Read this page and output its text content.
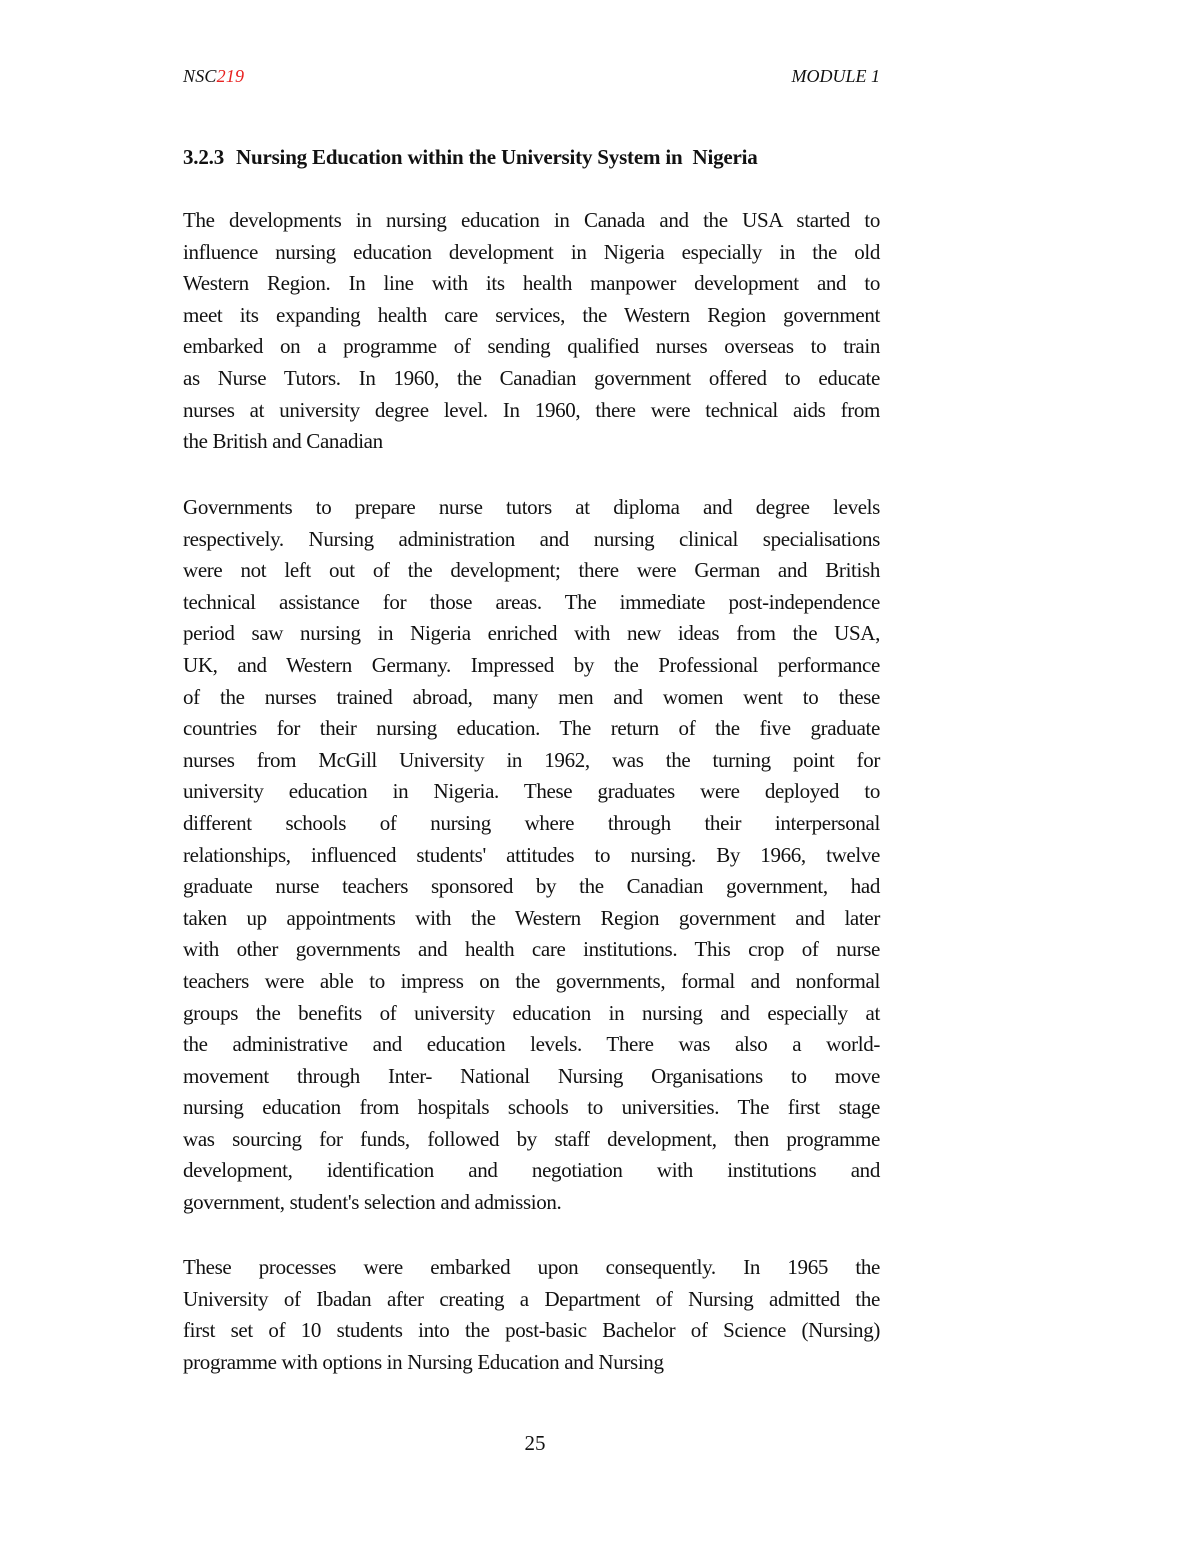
NSC219	MODULE 1
3.2.3 Nursing Education within the University System in  Nigeria
The developments in nursing education in Canada and the USA started to
influence nursing education development in Nigeria especially in the old
Western Region. In line with its health manpower development and to
meet its expanding health care services, the Western Region government
embarked on a programme of sending qualified nurses overseas to train
as Nurse Tutors. In 1960, the Canadian government offered to educate
nurses at university degree level. In 1960, there were technical aids from
the British and Canadian
Governments to prepare nurse tutors at diploma and degree levels
respectively. Nursing administration and nursing clinical specialisations
were not left out of the development; there were German and British
technical assistance for those areas. The immediate post-independence
period saw nursing in Nigeria enriched with new ideas from the USA,
UK, and Western Germany. Impressed by the Professional performance
of the nurses trained abroad, many men and women went to these
countries for their nursing education. The return of the five graduate
nurses from McGill University in 1962, was the turning point for
university education in Nigeria. These graduates were deployed to
different schools of nursing where through their interpersonal
relationships, influenced students' attitudes to nursing. By 1966, twelve
graduate nurse teachers sponsored by the Canadian government, had
taken up appointments with the Western Region government and later
with other governments and health care institutions. This crop of nurse
teachers were able to impress on the governments, formal and nonformal
groups the benefits of university education in nursing and especially at
the administrative and education levels. There was also a world-
movement through Inter- National Nursing Organisations to move
nursing education from hospitals schools to universities. The first stage
was sourcing for funds, followed by staff development, then programme
development, identification and negotiation with institutions and
government, student's selection and admission.
These processes were embarked upon consequently. In 1965 the
University of Ibadan after creating a Department of Nursing admitted the
first set of 10 students into the post-basic Bachelor of Science (Nursing)
programme with options in Nursing Education and Nursing
25
